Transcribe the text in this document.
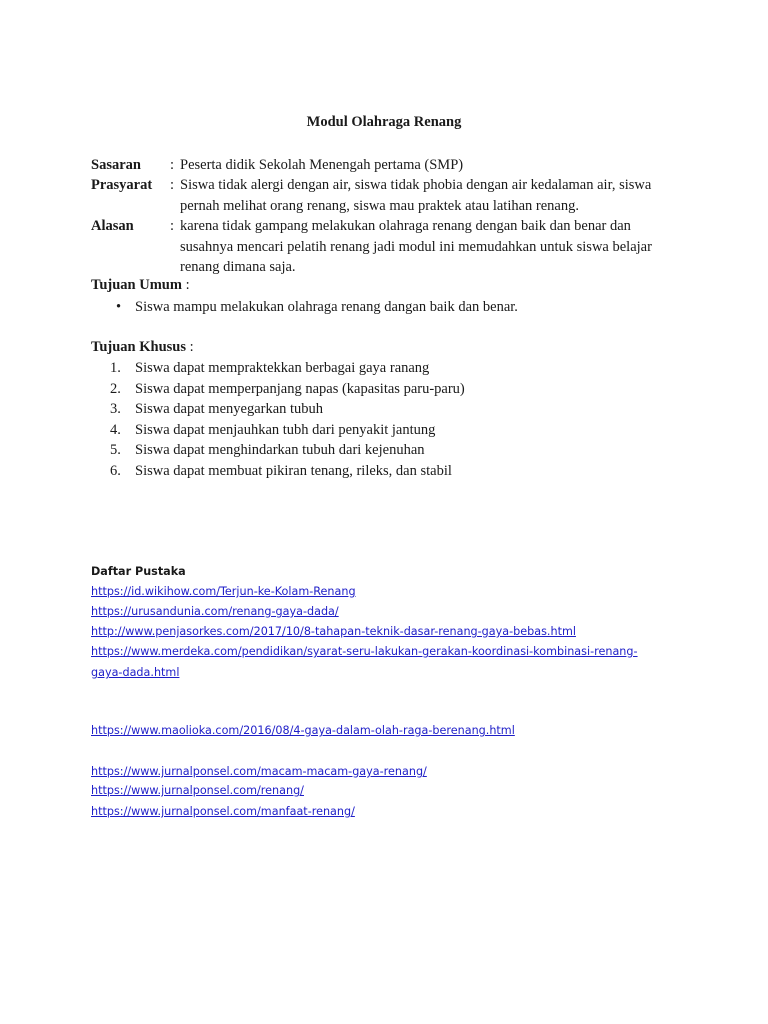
Modul Olahraga Renang
Sasaran : Peserta didik Sekolah Menengah pertama (SMP)
Prasyarat : Siswa tidak alergi dengan air, siswa tidak phobia dengan air kedalaman air, siswa
pernah melihat orang renang, siswa mau praktek atau latihan renang.
Alasan	: karena tidak gampang melakukan olahraga renang dengan baik dan benar dan
susahnya mencari pelatih renang jadi modul ini memudahkan untuk siswa belajar
renang dimana saja.
Tujuan Umum :
• Siswa mampu melakukan olahraga renang dangan baik dan benar.
Tujuan Khusus :
1. Siswa dapat mempraktekkan berbagai gaya ranang
2. Siswa dapat memperpanjang napas (kapasitas paru-paru)
3. Siswa dapat menyegarkan tubuh
4. Siswa dapat menjauhkan tubh dari penyakit jantung
5. Siswa dapat menghindarkan tubuh dari kejenuhan
6. Siswa dapat membuat pikiran tenang, rileks, dan stabil
Daftar Pustaka
https://id.wikihow.com/Terjun-ke-Kolam-Renang
https://urusandunia.com/renang-gaya-dada/
http://www.penjasorkes.com/2017/10/8-tahapan-teknik-dasar-renang-gaya-bebas.html
https://www.merdeka.com/pendidikan/syarat-seru-lakukan-gerakan-koordinasi-kombinasi-renang-
gaya-dada.html
https://www.maolioka.com/2016/08/4-gaya-dalam-olah-raga-berenang.html
https://www.jurnalponsel.com/macam-macam-gaya-renang/
https://www.jurnalponsel.com/renang/
https://www.jurnalponsel.com/manfaat-renang/
